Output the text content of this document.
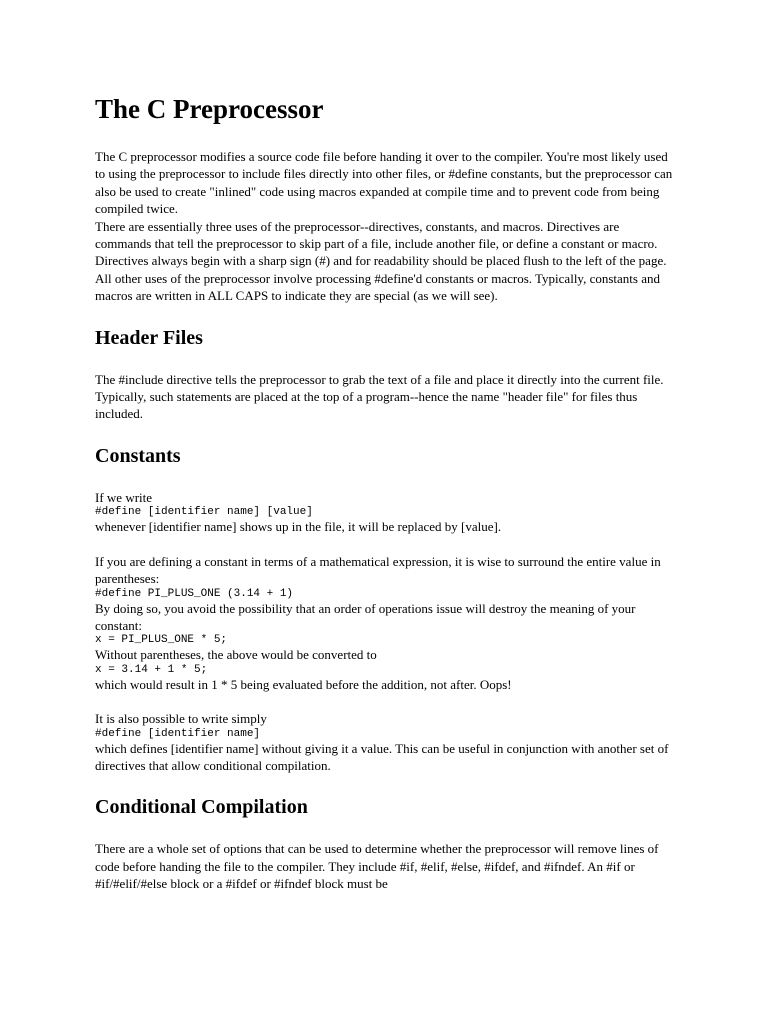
The C Preprocessor

The C preprocessor modifies a source code file before handing it over to the compiler. You're most likely used to using the preprocessor to include files directly into other files, or #define constants, but the preprocessor can also be used to create "inlined" code using macros expanded at compile time and to prevent code from being compiled twice.

There are essentially three uses of the preprocessor--directives, constants, and macros. Directives are commands that tell the preprocessor to skip part of a file, include another file, or define a constant or macro. Directives always begin with a sharp sign (#) and for readability should be placed flush to the left of the page. All other uses of the preprocessor involve processing #define'd constants or macros. Typically, constants and macros are written in ALL CAPS to indicate they are special (as we will see).

Header Files

The #include directive tells the preprocessor to grab the text of a file and place it directly into the current file. Typically, such statements are placed at the top of a program--hence the name "header file" for files thus included.

Constants

If we write

#define [identifier name] [value]

whenever [identifier name] shows up in the file, it will be replaced by [value].

If you are defining a constant in terms of a mathematical expression, it is wise to surround the entire value in parentheses:

#define PI_PLUS_ONE (3.14 + 1)

By doing so, you avoid the possibility that an order of operations issue will destroy the meaning of your constant:

x = PI_PLUS_ONE * 5;

Without parentheses, the above would be converted to

x = 3.14 + 1 * 5;

which would result in 1 * 5 being evaluated before the addition, not after. Oops!

It is also possible to write simply

#define [identifier name]

which defines [identifier name] without giving it a value. This can be useful in conjunction with another set of directives that allow conditional compilation.

Conditional Compilation

There are a whole set of options that can be used to determine whether the preprocessor will remove lines of code before handing the file to the compiler. They include #if, #elif, #else, #ifdef, and #ifndef. An #if or #if/#elif/#else block or a #ifdef or #ifndef block must be
